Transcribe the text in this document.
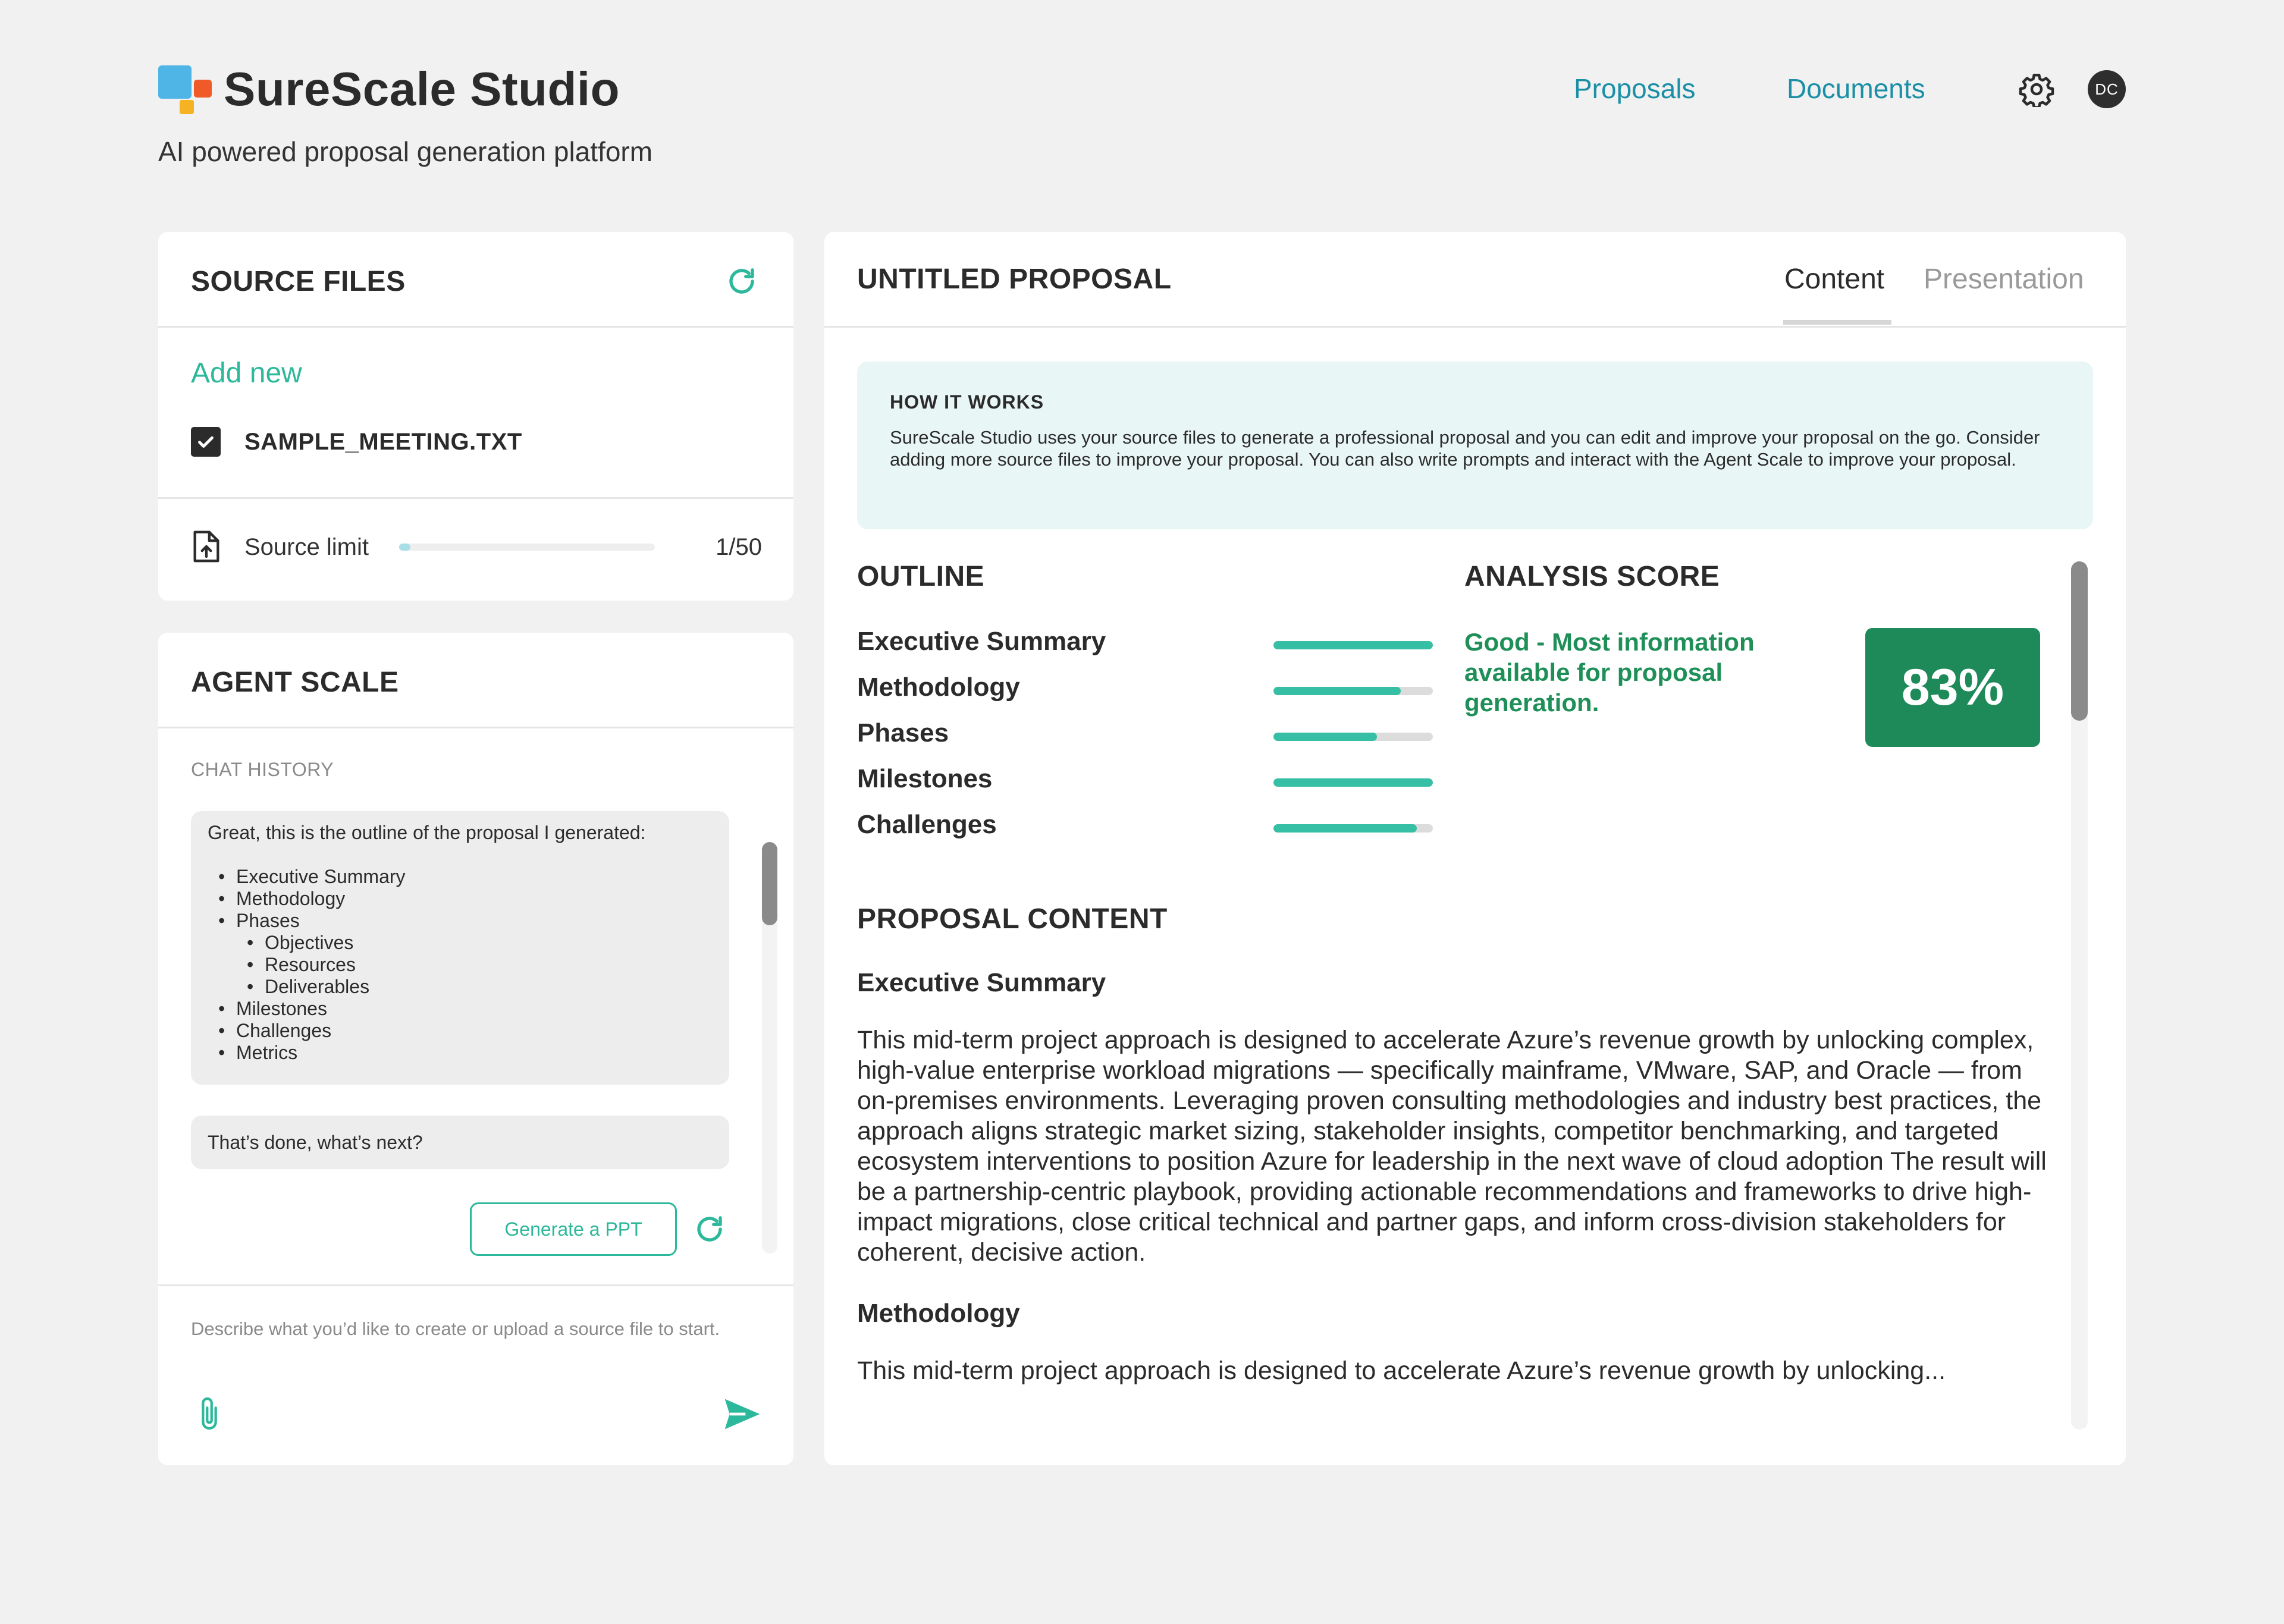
SureScale Studio
AI powered proposal generation platform
Proposals	Documents	DC
SOURCE FILES
Add new
SAMPLE_MEETING.TXT
Source limit	1/50
AGENT SCALE
CHAT HISTORY
Great, this is the outline of the proposal I generated:
• Executive Summary
• Methodology
• Phases
• Objectives
• Resources
• Deliverables
• Milestones
• Challenges
• Metrics
That’s done, what’s next?
Generate a PPT
Describe what you’d like to create or upload a source file to start.
UNTITLED PROPOSAL	Content Presentation
HOW IT WORKS
SureScale Studio uses your source files to generate a professional proposal and you can edit and improve your proposal on the go. Consider adding more source files to improve your proposal. You can also write prompts and interact with the Agent Scale to improve your proposal.
OUTLINE
Executive Summary
Methodology
Phases
Milestones
Challenges
ANALYSIS SCORE
Good - Most information available for proposal generation.	83%
PROPOSAL CONTENT
Executive Summary
This mid-term project approach is designed to accelerate Azure’s revenue growth by unlocking complex, high-value enterprise workload migrations — specifically mainframe, VMware, SAP, and Oracle — from on-premises environments. Leveraging proven consulting methodologies and industry best practices, the approach aligns strategic market sizing, stakeholder insights, competitor benchmarking, and targeted ecosystem interventions to position Azure for leadership in the next wave of cloud adoption The result will be a partnership-centric playbook, providing actionable recommendations and frameworks to drive high-impact migrations, close critical technical and partner gaps, and inform cross-division stakeholders for coherent, decisive action.
Methodology
This mid-term project approach is designed to accelerate Azure’s revenue growth by unlocking...
